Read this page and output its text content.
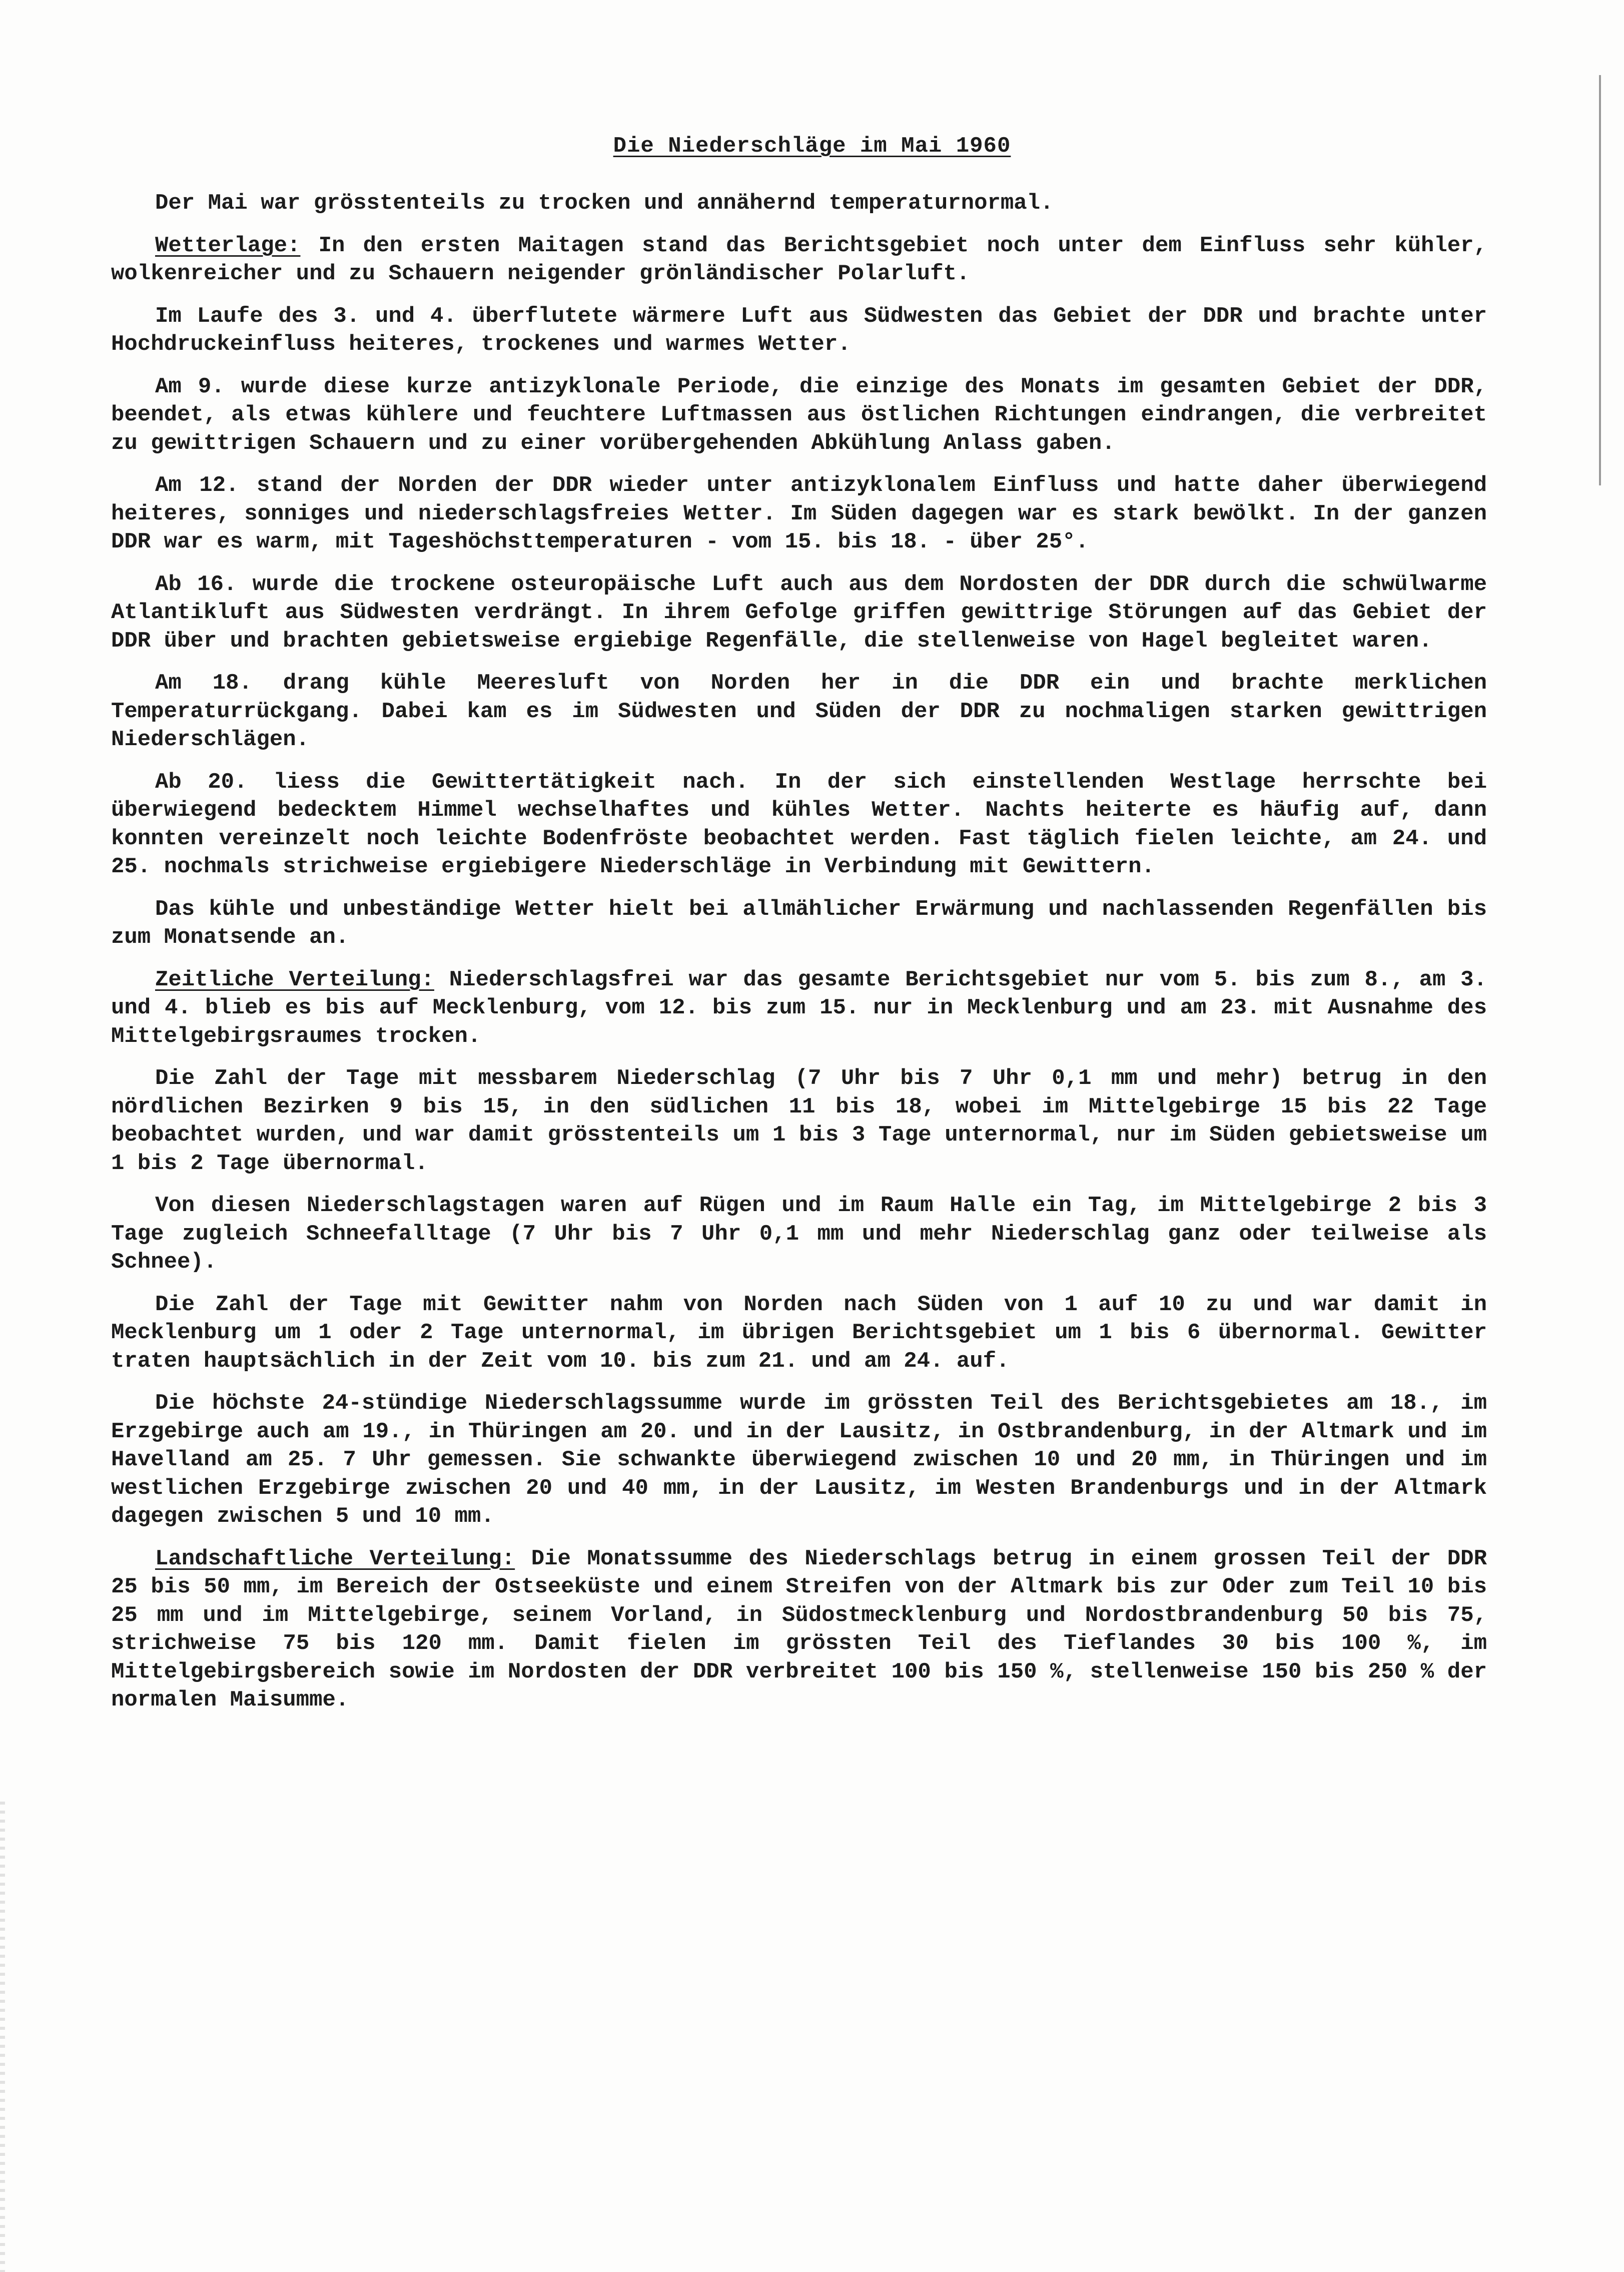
Die Niederschläge im Mai 1960

Der Mai war grösstenteils zu trocken und annähernd temperaturnormal.

Wetterlage: In den ersten Maitagen stand das Berichtsgebiet noch unter dem Einfluss sehr kühler, wolkenreicher und zu Schauern neigender grönländischer Polarluft.

Im Laufe des 3. und 4. überflutete wärmere Luft aus Südwesten das Gebiet der DDR und brachte unter Hochdruckeinfluss heiteres, trockenes und warmes Wetter.

Am 9. wurde diese kurze antizyklonale Periode, die einzige des Monats im gesamten Gebiet der DDR, beendet, als etwas kühlere und feuchtere Luftmassen aus östlichen Richtungen eindrangen, die verbreitet zu gewittrigen Schauern und zu einer vorübergehenden Abkühlung Anlass gaben.

Am 12. stand der Norden der DDR wieder unter antizyklonalem Einfluss und hatte daher überwiegend heiteres, sonniges und niederschlagsfreies Wetter. Im Süden dagegen war es stark bewölkt. In der ganzen DDR war es warm, mit Tageshöchsttemperaturen - vom 15. bis 18. - über 25°.

Ab 16. wurde die trockene osteuropäische Luft auch aus dem Nordosten der DDR durch die schwülwarme Atlantikluft aus Südwesten verdrängt. In ihrem Gefolge griffen gewittrige Störungen auf das Gebiet der DDR über und brachten gebietsweise ergiebige Regenfälle, die stellenweise von Hagel begleitet waren.

Am 18. drang kühle Meeresluft von Norden her in die DDR ein und brachte merklichen Temperaturrückgang. Dabei kam es im Südwesten und Süden der DDR zu nochmaligen starken gewittrigen Niederschlägen.

Ab 20. liess die Gewittertätigkeit nach. In der sich einstellenden Westlage herrschte bei überwiegend bedecktem Himmel wechselhaftes und kühles Wetter. Nachts heiterte es häufig auf, dann konnten vereinzelt noch leichte Bodenfröste beobachtet werden. Fast täglich fielen leichte, am 24. und 25. nochmals strichweise ergiebigere Niederschläge in Verbindung mit Gewittern.

Das kühle und unbeständige Wetter hielt bei allmählicher Erwärmung und nachlassenden Regenfällen bis zum Monatsende an.

Zeitliche Verteilung: Niederschlagsfrei war das gesamte Berichtsgebiet nur vom 5. bis zum 8., am 3. und 4. blieb es bis auf Mecklenburg, vom 12. bis zum 15. nur in Mecklenburg und am 23. mit Ausnahme des Mittelgebirgsraumes trocken.

Die Zahl der Tage mit messbarem Niederschlag (7 Uhr bis 7 Uhr 0,1 mm und mehr) betrug in den nördlichen Bezirken 9 bis 15, in den südlichen 11 bis 18, wobei im Mittelgebirge 15 bis 22 Tage beobachtet wurden, und war damit grösstenteils um 1 bis 3 Tage unternormal, nur im Süden gebietsweise um 1 bis 2 Tage übernormal.

Von diesen Niederschlagstagen waren auf Rügen und im Raum Halle ein Tag, im Mittelgebirge 2 bis 3 Tage zugleich Schneefalltage (7 Uhr bis 7 Uhr 0,1 mm und mehr Niederschlag ganz oder teilweise als Schnee).

Die Zahl der Tage mit Gewitter nahm von Norden nach Süden von 1 auf 10 zu und war damit in Mecklenburg um 1 oder 2 Tage unternormal, im übrigen Berichtsgebiet um 1 bis 6 übernormal. Gewitter traten hauptsächlich in der Zeit vom 10. bis zum 21. und am 24. auf.

Die höchste 24-stündige Niederschlagssumme wurde im grössten Teil des Berichtsgebietes am 18., im Erzgebirge auch am 19., in Thüringen am 20. und in der Lausitz, in Ostbrandenburg, in der Altmark und im Havelland am 25. 7 Uhr gemessen. Sie schwankte überwiegend zwischen 10 und 20 mm, in Thüringen und im westlichen Erzgebirge zwischen 20 und 40 mm, in der Lausitz, im Westen Brandenburgs und in der Altmark dagegen zwischen 5 und 10 mm.

Landschaftliche Verteilung: Die Monatssumme des Niederschlags betrug in einem grossen Teil der DDR 25 bis 50 mm, im Bereich der Ostseeküste und einem Streifen von der Altmark bis zur Oder zum Teil 10 bis 25 mm und im Mittelgebirge, seinem Vorland, in Südostmecklenburg und Nordostbrandenburg 50 bis 75, strichweise 75 bis 120 mm. Damit fielen im grössten Teil des Tieflandes 30 bis 100 %, im Mittelgebirgsbereich sowie im Nordosten der DDR verbreitet 100 bis 150 %, stellenweise 150 bis 250 % der normalen Maisumme.
